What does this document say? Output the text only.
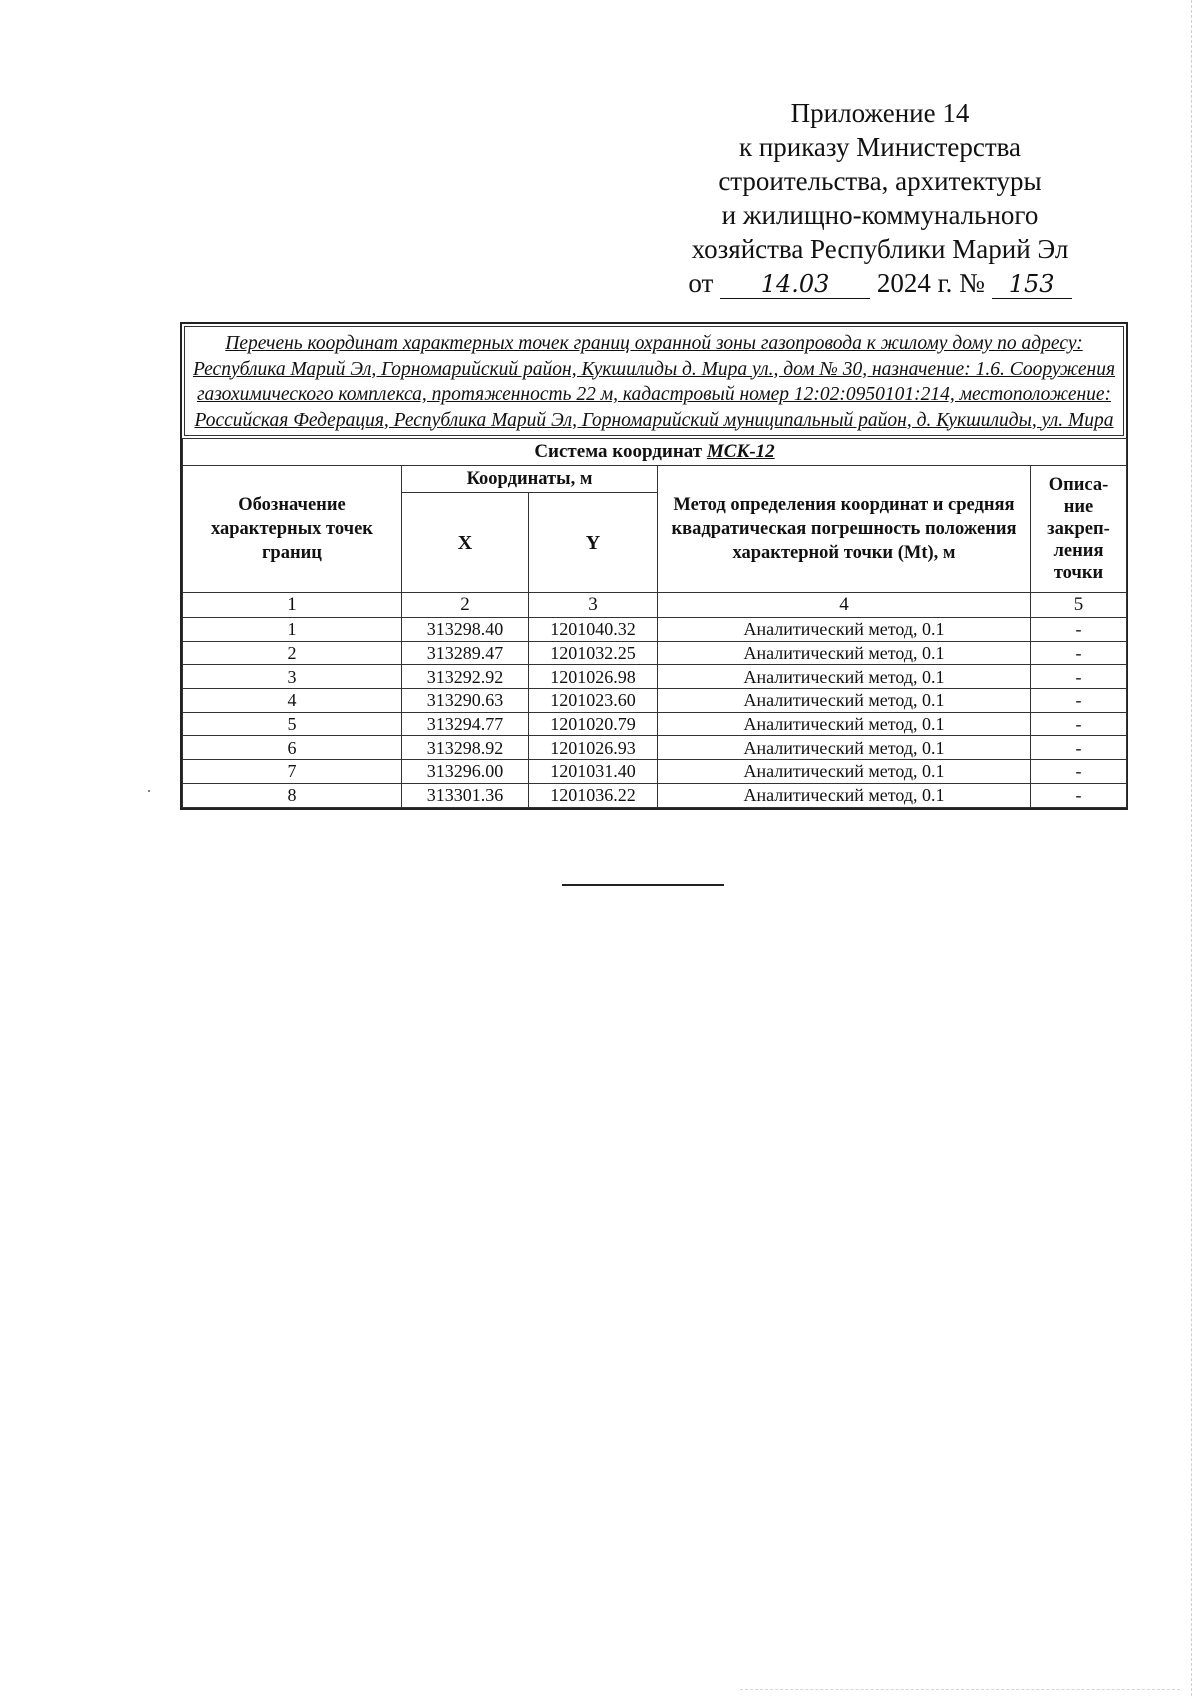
Приложение 14
к приказу Министерства
строительства, архитектуры
и жилищно-коммунального
хозяйства Республики Марий Эл
от 14.03 2024 г. № 153
Перечень координат характерных точек границ охранной зоны газопровода к жилому дому по адресу: Республика Марий Эл, Горномарийский район, Кукшилиды д. Мира ул., дом № 30, назначение: 1.6. Сооружения газохимического комплекса, протяженность 22 м, кадастровый номер 12:02:0950101:214, местоположение: Российская Федерация, Республика Марий Эл, Горномарийский муниципальный район, д. Кукшилиды, ул. Мира
Система координат МСК-12				
Обозначение характерных точек границ	Координаты, м		Метод определения координат и средняя квадратическая погрешность положения характерной точки (Mt), м	Описа-ние закреп-ления точки
	X	Y		
1	2	3	4	5
1	313298.40	1201040.32	Аналитический метод, 0.1	-
2	313289.47	1201032.25	Аналитический метод, 0.1	-
3	313292.92	1201026.98	Аналитический метод, 0.1	-
4	313290.63	1201023.60	Аналитический метод, 0.1	-
5	313294.77	1201020.79	Аналитический метод, 0.1	-
6	313298.92	1201026.93	Аналитический метод, 0.1	-
7	313296.00	1201031.40	Аналитический метод, 0.1	-
8	313301.36	1201036.22	Аналитический метод, 0.1	-
